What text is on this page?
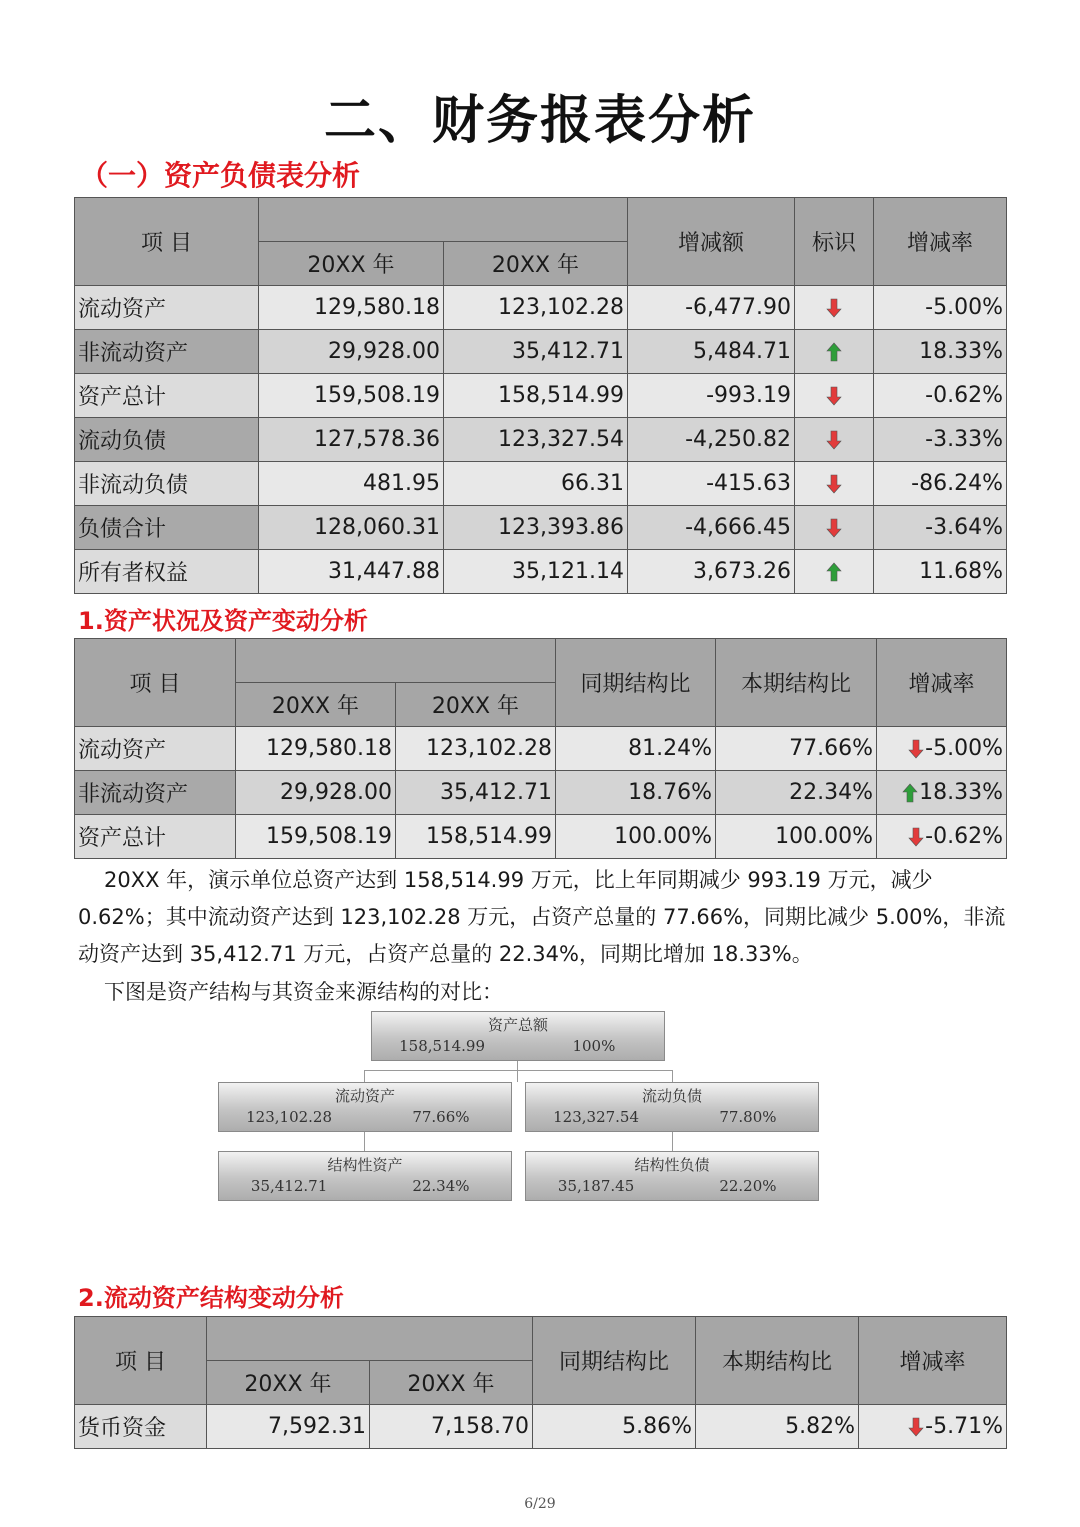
二、财务报表分析
（一）资产负债表分析
项 目			增减额	标识	增减率
	20XX 年	20XX 年			
流动资产	129,580.18	123,102.28	-6,477.90		-5.00%
非流动资产	29,928.00	35,412.71	5,484.71		18.33%
资产总计	159,508.19	158,514.99	-993.19		-0.62%
流动负债	127,578.36	123,327.54	-4,250.82		-3.33%
非流动负债	481.95	66.31	-415.63		-86.24%
负债合计	128,060.31	123,393.86	-4,666.45		-3.64%
所有者权益	31,447.88	35,121.14	3,673.26		11.68%
1.资产状况及资产变动分析
项 目			同期结构比	本期结构比	增减率
	20XX 年	20XX 年			
流动资产	129,580.18	123,102.28	81.24%	77.66%	-5.00%
非流动资产	29,928.00	35,412.71	18.76%	22.34%	18.33%
资产总计	159,508.19	158,514.99	100.00%	100.00%	-0.62%

20XX 年，演示单位总资产达到 158,514.99 万元，比上年同期减少 993.19 万元，减少 0.62%；其中流动资产达到 123,102.28 万元，占资产总量的 77.66%，同期比减少 5.00%，非流动资产达到 35,412.71 万元，占资产总量的 22.34%，同期比增加 18.33%。

下图是资产结构与其资金来源结构的对比：

资产总额
158,514.99	100%
流动资产
123,102.28	77.66%
流动负债
123,327.54	77.80%
结构性资产
35,412.71	22.34%
结构性负债
35,187.45	22.20%
2.流动资产结构变动分析
项 目			同期结构比	本期结构比	增减率
	20XX 年	20XX 年			
货币资金	7,592.31	7,158.70	5.86%	5.82%	-5.71%
6/29
